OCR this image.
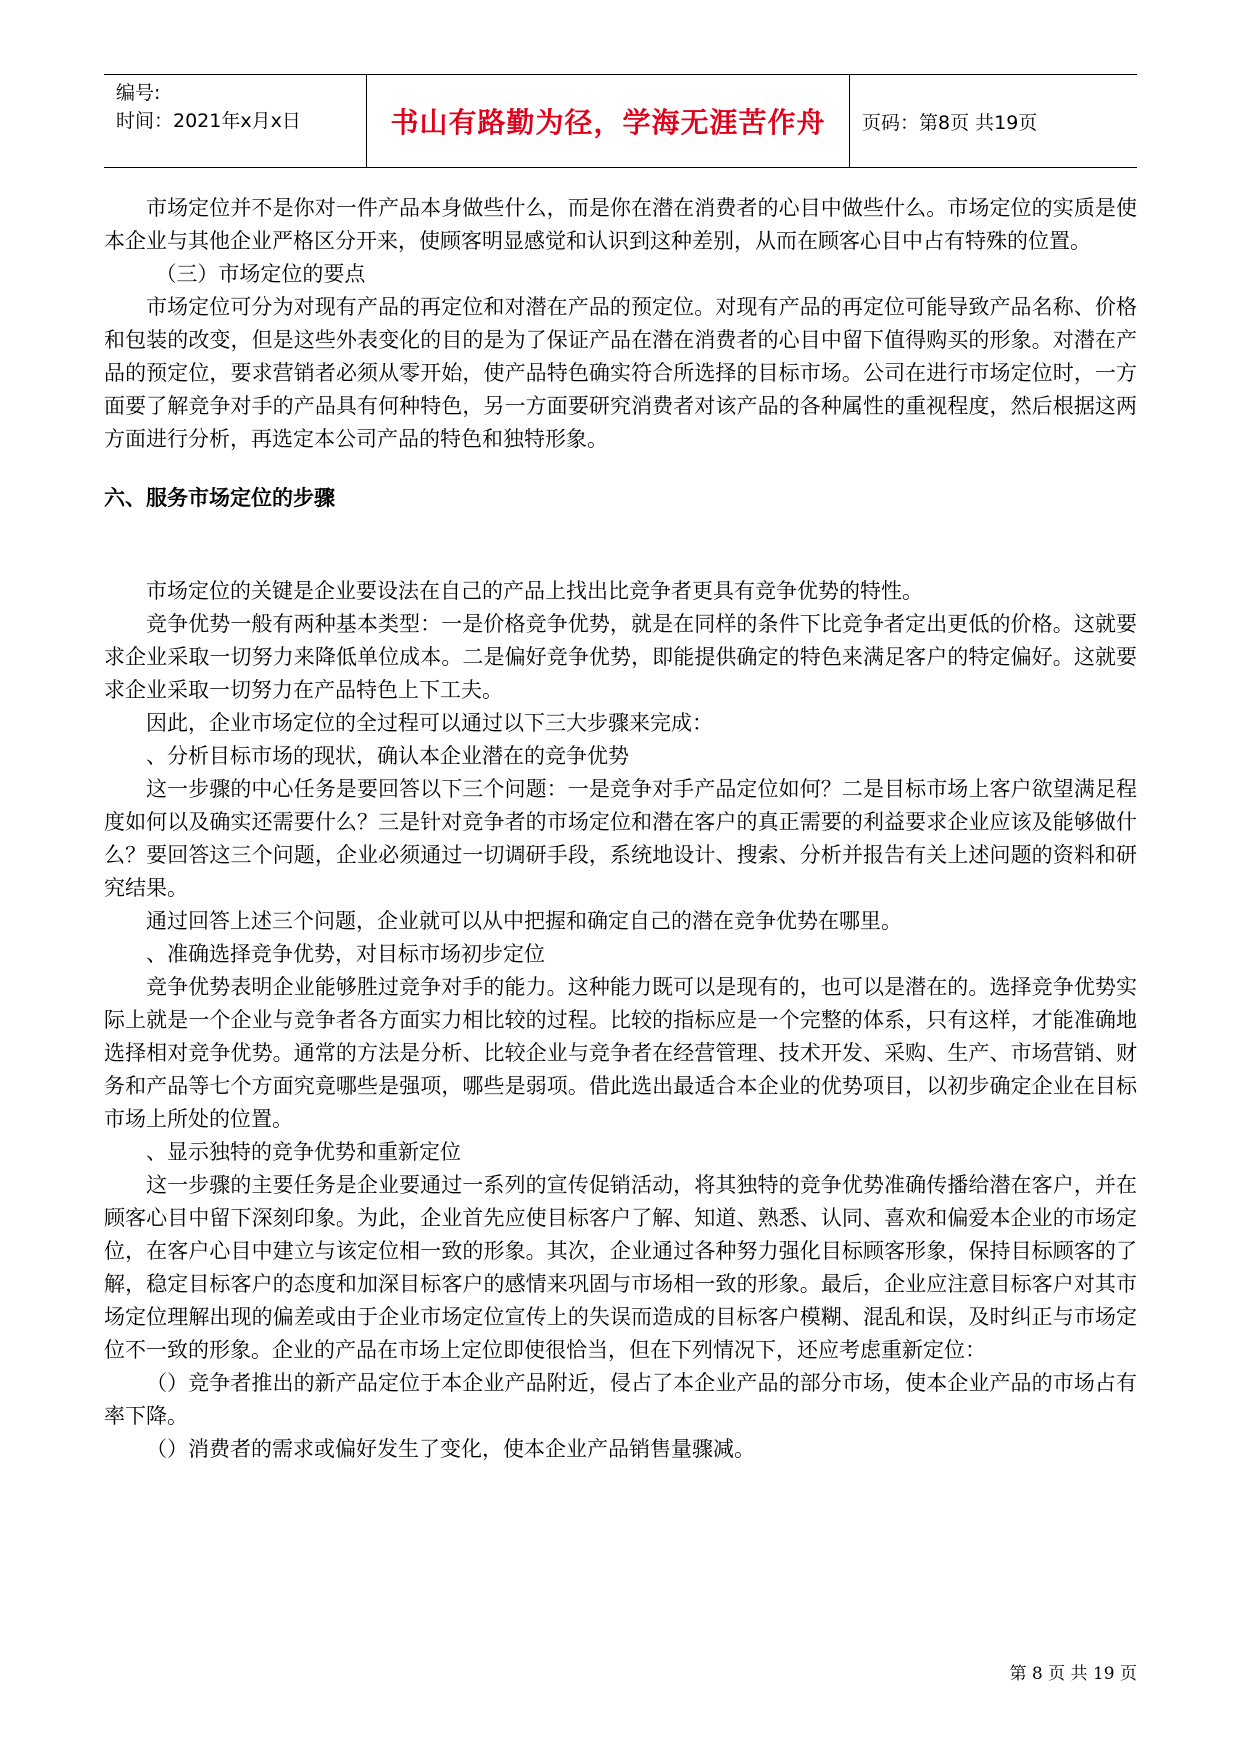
编号:
时间：2021年x月x日	书山有路勤为径，学海无涯苦作舟	页码：第8页 共19页

市场定位并不是你对一件产品本身做些什么，而是你在潜在消费者的心目中做些什么。市场定位的实质是使本企业与其他企业严格区分开来，使顾客明显感觉和认识到这种差别，从而在顾客心目中占有特殊的位置。

（三）市场定位的要点

市场定位可分为对现有产品的再定位和对潜在产品的预定位。对现有产品的再定位可能导致产品名称、价格和包装的改变，但是这些外表变化的目的是为了保证产品在潜在消费者的心目中留下值得购买的形象。对潜在产品的预定位，要求营销者必须从零开始，使产品特色确实符合所选择的目标市场。公司在进行市场定位时，一方面要了解竞争对手的产品具有何种特色，另一方面要研究消费者对该产品的各种属性的重视程度，然后根据这两方面进行分析，再选定本公司产品的特色和独特形象。

六、服务市场定位的步骤

市场定位的关键是企业要设法在自己的产品上找出比竞争者更具有竞争优势的特性。

竞争优势一般有两种基本类型：一是价格竞争优势，就是在同样的条件下比竞争者定出更低的价格。这就要求企业采取一切努力来降低单位成本。二是偏好竞争优势，即能提供确定的特色来满足客户的特定偏好。这就要求企业采取一切努力在产品特色上下工夫。

因此，企业市场定位的全过程可以通过以下三大步骤来完成：

、分析目标市场的现状，确认本企业潜在的竞争优势

这一步骤的中心任务是要回答以下三个问题：一是竞争对手产品定位如何？二是目标市场上客户欲望满足程度如何以及确实还需要什么？三是针对竞争者的市场定位和潜在客户的真正需要的利益要求企业应该及能够做什么？要回答这三个问题，企业必须通过一切调研手段，系统地设计、搜索、分析并报告有关上述问题的资料和研究结果。

通过回答上述三个问题，企业就可以从中把握和确定自己的潜在竞争优势在哪里。

、准确选择竞争优势，对目标市场初步定位

竞争优势表明企业能够胜过竞争对手的能力。这种能力既可以是现有的，也可以是潜在的。选择竞争优势实际上就是一个企业与竞争者各方面实力相比较的过程。比较的指标应是一个完整的体系，只有这样，才能准确地选择相对竞争优势。通常的方法是分析、比较企业与竞争者在经营管理、技术开发、采购、生产、市场营销、财务和产品等七个方面究竟哪些是强项，哪些是弱项。借此选出最适合本企业的优势项目，以初步确定企业在目标市场上所处的位置。

、显示独特的竞争优势和重新定位

这一步骤的主要任务是企业要通过一系列的宣传促销活动，将其独特的竞争优势准确传播给潜在客户，并在顾客心目中留下深刻印象。为此，企业首先应使目标客户了解、知道、熟悉、认同、喜欢和偏爱本企业的市场定位，在客户心目中建立与该定位相一致的形象。其次，企业通过各种努力强化目标顾客形象，保持目标顾客的了解，稳定目标客户的态度和加深目标客户的感情来巩固与市场相一致的形象。最后，企业应注意目标客户对其市场定位理解出现的偏差或由于企业市场定位宣传上的失误而造成的目标客户模糊、混乱和误，及时纠正与市场定位不一致的形象。企业的产品在市场上定位即使很恰当，但在下列情况下，还应考虑重新定位：

（）竞争者推出的新产品定位于本企业产品附近，侵占了本企业产品的部分市场，使本企业产品的市场占有率下降。

（）消费者的需求或偏好发生了变化，使本企业产品销售量骤减。

第 8 页 共 19 页
